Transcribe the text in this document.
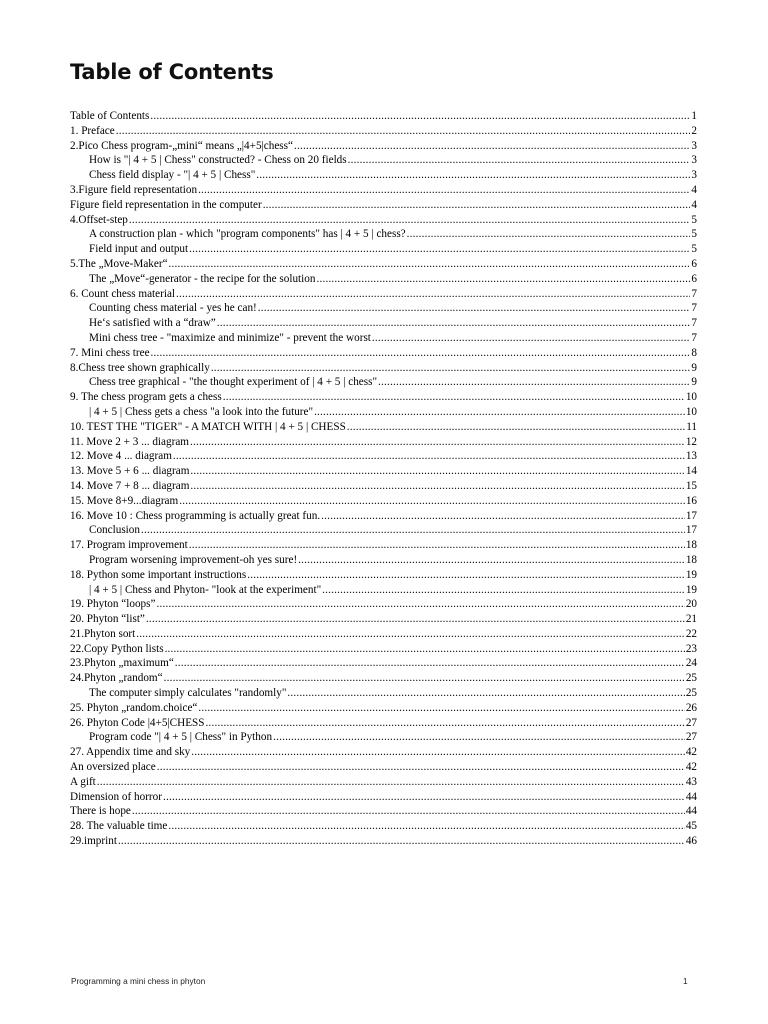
Table of Contents
Table of Contents .....	1
1. Preface .....	2
2.Pico Chess program-„mini“ means „|4+5|chess“ .....	3
How is "| 4 + 5 | Chess" constructed? - Chess on 20 fields .....	3
Chess field display - "| 4 + 5 | Chess" .....	3
3.Figure field representation .....	4
Figure field representation in the computer .....	4
4.Offset-step .....	5
A construction plan - which "program components" has | 4 + 5 | chess? .....	5
Field input and output .....	5
5.The „Move-Maker“ .....	6
The „Move“-generator - the recipe for the solution .....	6
6. Count chess material .....	7
Counting chess material - yes he can! .....	7
He‘s satisfied with a “draw” .....	7
Mini chess tree - "maximize and minimize" - prevent the worst .....	7
7. Mini chess tree .....	8
8.Chess tree shown graphically .....	9
Chess tree graphical - "the thought experiment of | 4 + 5 | chess" .....	9
9. The chess program gets a chess .....	10
| 4 + 5 | Chess gets a chess "a look into the future" .....	10
10. TEST THE "TIGER" - A MATCH WITH | 4 + 5 | CHESS .....	11
11. Move 2 + 3 ... diagram .....	12
12. Move 4 ... diagram .....	13
13. Move 5 + 6 ... diagram .....	14
14. Move 7 + 8 ... diagram .....	15
15. Move 8+9...diagram .....	16
16. Move 10 : Chess programming is actually great fun. .....	17
Conclusion .....	17
17. Program improvement .....	18
Program worsening improvement-oh yes sure! .....	18
18. Python some important instructions .....	19
| 4 + 5 | Chess and Phyton- "look at the experiment" .....	19
19. Phyton “loops” .....	20
20. Phyton “list” .....	21
21.Phyton sort .....	22
22.Copy Python lists .....	23
23.Phyton „maximum“ .....	24
24.Phyton „random“ .....	25
The computer simply calculates "randomly" .....	25
25. Phyton „random.choice“ .....	26
26. Phyton Code |4+5|CHESS .....	27
Program code "| 4 + 5 | Chess" in Python .....	27
27. Appendix time and sky .....	42
An oversized place .....	42
A gift .....	43
Dimension of horror .....	44
There is hope .....	44
28. The valuable time .....	45
29.imprint .....	46
Programming a mini chess in phyton	1
